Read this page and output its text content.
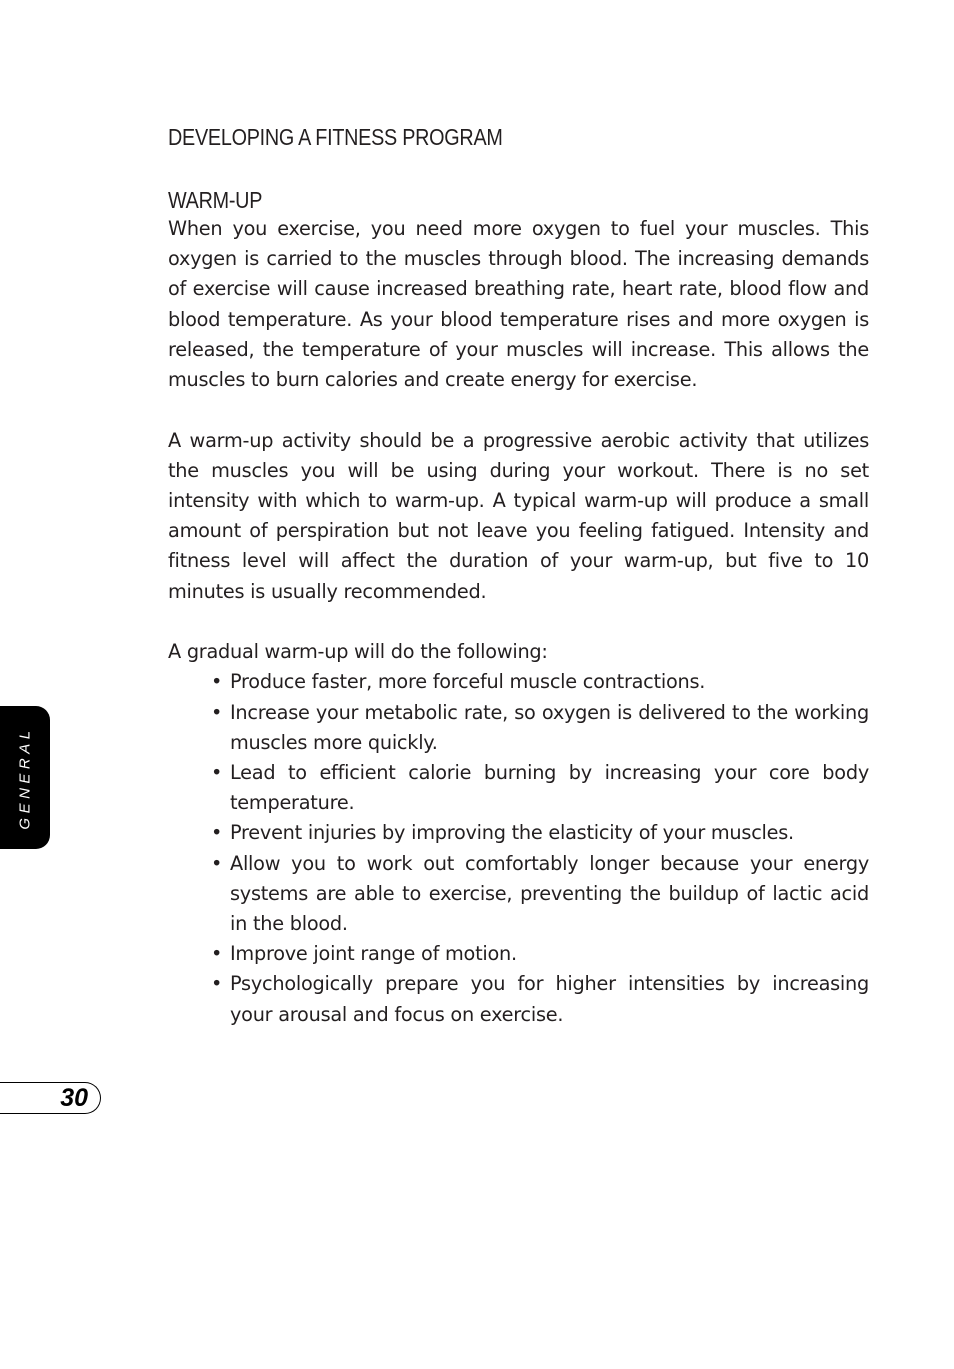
DEVELOPING A FITNESS PROGRAM
WARM-UP

When you exercise, you need more oxygen to fuel your muscles. This oxygen is carried to the muscles through blood. The increasing demands of exercise will cause increased breathing rate, heart rate, blood flow and blood temperature. As your blood temperature rises and more oxygen is released, the temperature of your muscles will increase. This allows the muscles to burn calories and create energy for exercise.

A warm-up activity should be a progressive aerobic activity that utilizes the muscles you will be using during your workout. There is no set intensity with which to warm-up. A typical warm-up will produce a small amount of perspiration but not leave you feeling fatigued. Intensity and fitness level will affect the duration of your warm-up, but five to 10 minutes is usually recommended.

A gradual warm-up will do the following:

• Produce faster, more forceful muscle contractions.
• Increase your metabolic rate, so oxygen is delivered to the working muscles more quickly.
• Lead to efficient calorie burning by increasing your core body temperature.
• Prevent injuries by improving the elasticity of your muscles.
• Allow you to work out comfortably longer because your energy systems are able to exercise, preventing the buildup of lactic acid in the blood.
• Improve joint range of motion.
• Psychologically prepare you for higher intensities by increasing your arousal and focus on exercise.
GENERAL
30
